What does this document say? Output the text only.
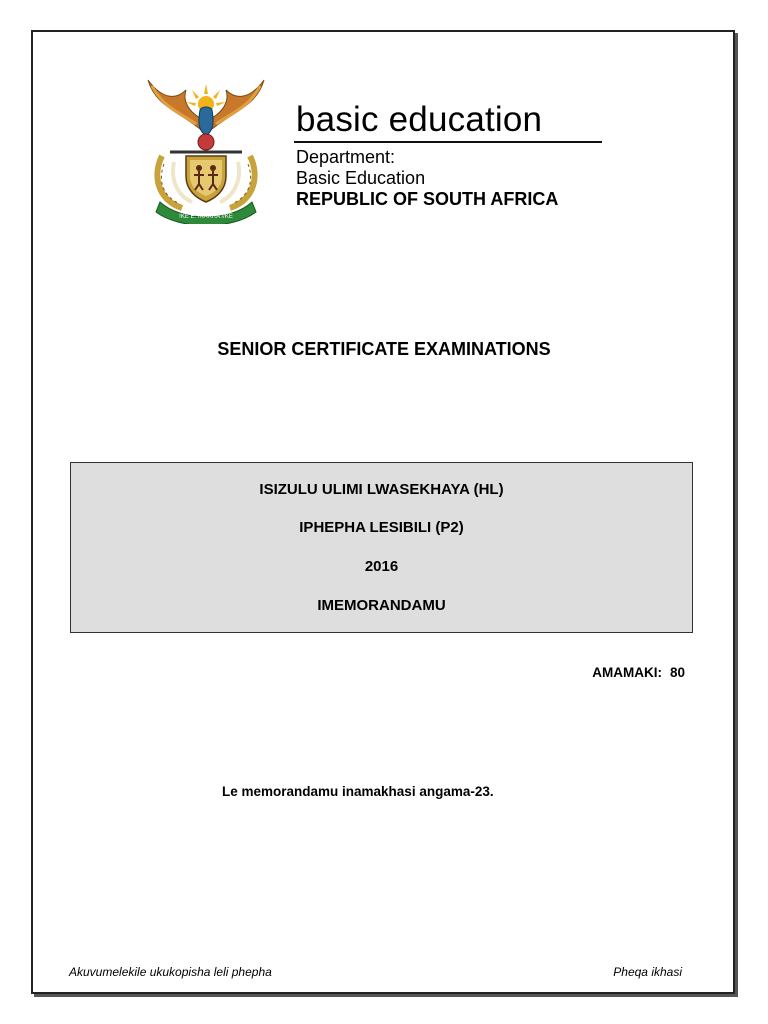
!KE E: /XARRA //KE
basic education
Department:
Basic Education
REPUBLIC OF SOUTH AFRICA
SENIOR CERTIFICATE EXAMINATIONS
ISIZULU ULIMI LWASEKHAYA (HL)
IPHEPHA LESIBILI (P2)
2016
IMEMORANDAMU
AMAMAKI: 80
Le memorandamu inamakhasi angama-23.
Akuvumelekile ukukopisha leli phepha	Pheqa ikhasi
